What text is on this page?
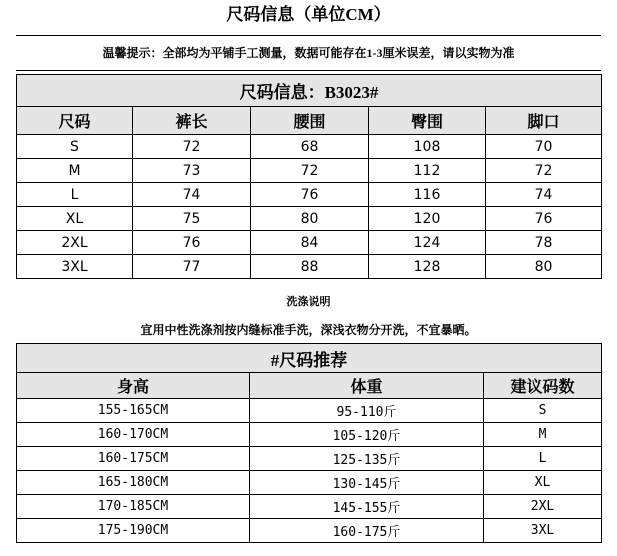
尺码信息（单位CM）
温馨提示：全部均为平铺手工测量，数据可能存在1-3厘米误差，请以实物为准
尺码信息：B3023#				
尺码	裤长	腰围	臀围	脚口
S	72	68	108	70
M	73	72	112	72
L	74	76	116	74
XL	75	80	120	76
2XL	76	84	124	78
3XL	77	88	128	80
洗涤说明
宜用中性洗涤剂按内缝标准手洗，深浅衣物分开洗，不宜暴晒。
#尺码推荐		
身高	体重	建议码数
155-165CM	95-110斤	S
160-170CM	105-120斤	M
160-175CM	125-135斤	L
165-180CM	130-145斤	XL
170-185CM	145-155斤	2XL
175-190CM	160-175斤	3XL
